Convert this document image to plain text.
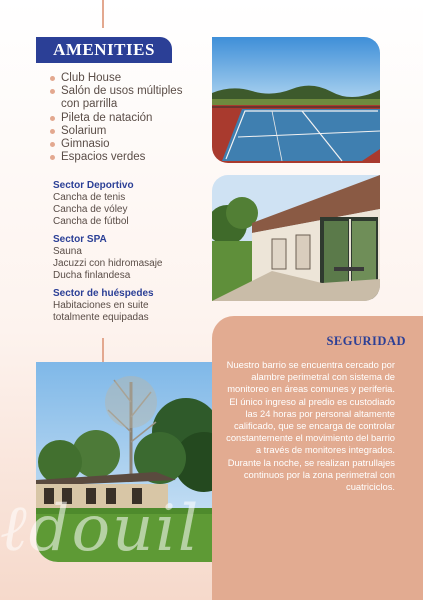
AMENITIES
Club House
Salón de usos múltiples con parrilla
Pileta de natación
Solarium
Gimnasio
Espacios verdes
Sector Deportivo
Cancha de tenis
Cancha de vóley
Cancha de fútbol
Sector SPA
Sauna
Jacuzzi con hidromasaje
Ducha finlandesa
Sector de huéspedes
Habitaciones en suite
totalmente equipadas
SEGURIDAD
Nuestro barrio se encuentra cercado por alambre perimetral con sistema de monitoreo en áreas comunes y periferia. El único ingreso al predio es custodiado las 24 horas por personal altamente calificado, que se encarga de controlar constantemente el movimiento del barrio a través de monitores integrados. Durante la noche, se realizan patrullajes continuos por la zona perimetral con cuatriciclos.
ℓdouil
